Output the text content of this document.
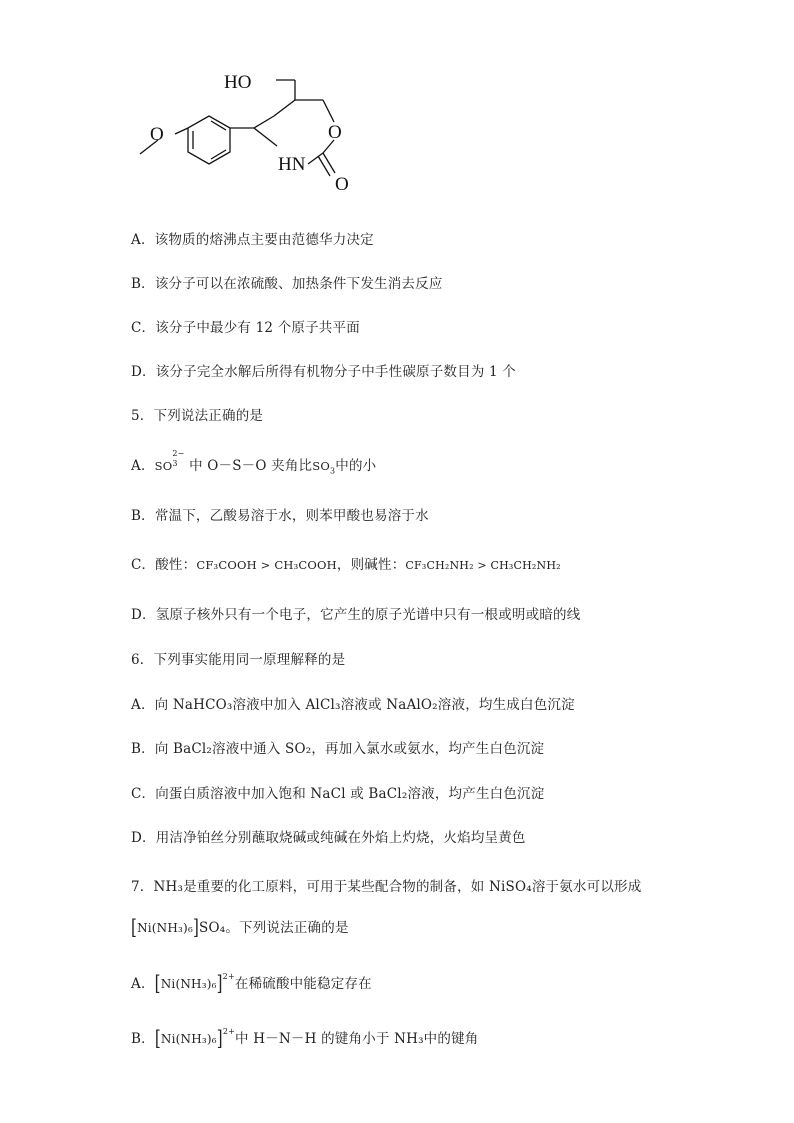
O
HO
O
HN
O
A．该物质的熔沸点主要由范德华力决定
B．该分子可以在浓硫酸、加热条件下发生消去反应
C．该分子中最少有 12 个原子共平面
D．该分子完全水解后所得有机物分子中手性碳原子数目为 1 个
5．下列说法正确的是
A．SO
2−
3 中 O－S－O 夹角比$SO_3$中的小
B．常温下，乙酸易溶于水，则苯甲酸也易溶于水
C．酸性：CF₃COOH > CH₃COOH，则碱性：CF₃CH₂NH₂ > CH₃CH₂NH₂
D．氢原子核外只有一个电子，它产生的原子光谱中只有一根或明或暗的线
6．下列事实能用同一原理解释的是
A．向 NaHCO₃溶液中加入 AlCl₃溶液或 NaAlO₂溶液，均生成白色沉淀
B．向 BaCl₂溶液中通入 SO₂，再加入氯水或氨水，均产生白色沉淀
C．向蛋白质溶液中加入饱和 NaCl 或 BaCl₂溶液，均产生白色沉淀
D．用洁净铂丝分别蘸取烧碱或纯碱在外焰上灼烧，火焰均呈黄色
7．NH₃是重要的化工原料，可用于某些配合物的制备，如 NiSO₄溶于氨水可以形成
[Ni(NH₃)₆]SO₄。下列说法正确的是
A．$[Ni(NH_3)_6]^{2+}$在稀硫酸中能稳定存在
B．$[Ni(NH_3)_6]^{2+}$中 H－N－H 的键角小于 NH₃中的键角
